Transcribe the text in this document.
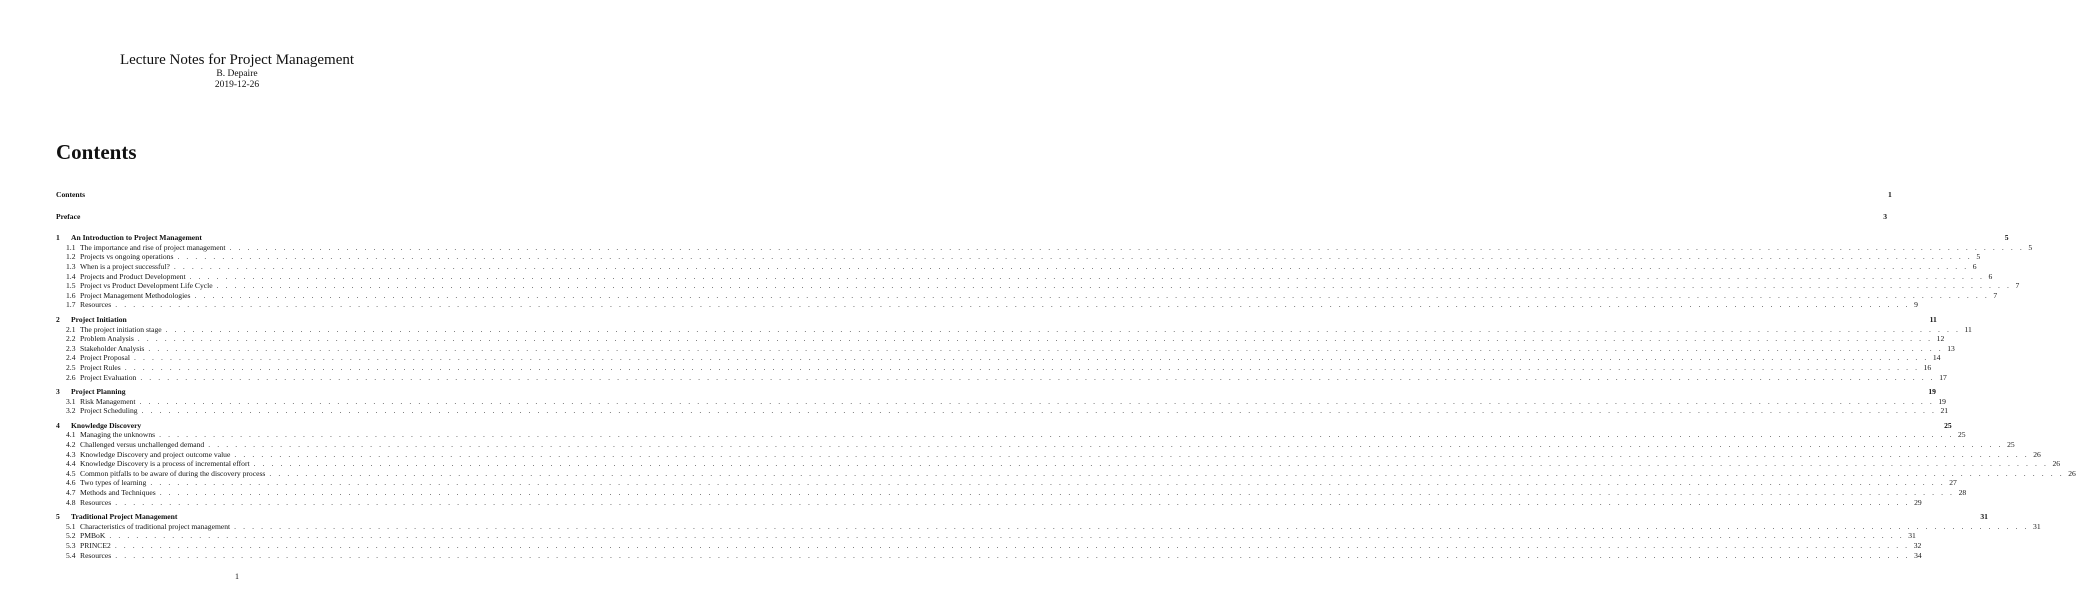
Lecture Notes for Project Management
B. Depaire
2019-12-26
Contents
Contents	1
Preface	3
1	An Introduction to Project Management	5
1.1 The importance and rise of project management . . . . . . . . . . . . . . . . . . . . . . . . . . . . . . . . . . . . . . . . . . . . . . . . . . . . . . . . . . . . . . . . . . . . . . . . . . . . . . . . . . . . . . . . . . . . . . . . . . . . . . . . . . . . . . . . . . . . . . . . . . . . . . . . . . . . . . . . . . . . . . . . . . . . . . . . . . . . . . . . . . . . . . . . . . . . . . . . . . . . . . . . . . . . . . . . . . . . . . . . 5
1.2 Projects vs ongoing operations . . . . . . . . . . . . . . . . . . . . . . . . . . . . . . . . . . . . . . . . . . . . . . . . . . . . . . . . . . . . . . . . . . . . . . . . . . . . . . . . . . . . . . . . . . . . . . . . . . . . . . . . . . . . . . . . . . . . . . . . . . . . . . . . . . . . . . . . . . . . . . . . . . . . . . . . . . . . . . . . . . . . . . . . . . . . . . . . . . . . . . . . . . . . . . . . . . . . . . . . 5
1.3 When is a project successful? . . . . . . . . . . . . . . . . . . . . . . . . . . . . . . . . . . . . . . . . . . . . . . . . . . . . . . . . . . . . . . . . . . . . . . . . . . . . . . . . . . . . . . . . . . . . . . . . . . . . . . . . . . . . . . . . . . . . . . . . . . . . . . . . . . . . . . . . . . . . . . . . . . . . . . . . . . . . . . . . . . . . . . . . . . . . . . . . . . . . . . . . . . . . . . . . . . . . . . . . 6
1.4 Projects and Product Development . . . . . . . . . . . . . . . . . . . . . . . . . . . . . . . . . . . . . . . . . . . . . . . . . . . . . . . . . . . . . . . . . . . . . . . . . . . . . . . . . . . . . . . . . . . . . . . . . . . . . . . . . . . . . . . . . . . . . . . . . . . . . . . . . . . . . . . . . . . . . . . . . . . . . . . . . . . . . . . . . . . . . . . . . . . . . . . . . . . . . . . . . . . . . . . . . . . . . . . . 6
1.5 Project vs Product Development Life Cycle . . . . . . . . . . . . . . . . . . . . . . . . . . . . . . . . . . . . . . . . . . . . . . . . . . . . . . . . . . . . . . . . . . . . . . . . . . . . . . . . . . . . . . . . . . . . . . . . . . . . . . . . . . . . . . . . . . . . . . . . . . . . . . . . . . . . . . . . . . . . . . . . . . . . . . . . . . . . . . . . . . . . . . . . . . . . . . . . . . . . . . . . . . . . . . . . . . . . . . . . 7
1.6 Project Management Methodologies . . . . . . . . . . . . . . . . . . . . . . . . . . . . . . . . . . . . . . . . . . . . . . . . . . . . . . . . . . . . . . . . . . . . . . . . . . . . . . . . . . . . . . . . . . . . . . . . . . . . . . . . . . . . . . . . . . . . . . . . . . . . . . . . . . . . . . . . . . . . . . . . . . . . . . . . . . . . . . . . . . . . . . . . . . . . . . . . . . . . . . . . . . . . . . . . . . . . . . . . 7
1.7 Resources . . . . . . . . . . . . . . . . . . . . . . . . . . . . . . . . . . . . . . . . . . . . . . . . . . . . . . . . . . . . . . . . . . . . . . . . . . . . . . . . . . . . . . . . . . . . . . . . . . . . . . . . . . . . . . . . . . . . . . . . . . . . . . . . . . . . . . . . . . . . . . . . . . . . . . . . . . . . . . . . . . . . . . . . . . . . . . . . . . . . . . . . . . . . . . . . . . . . . . . . 9
2	Project Initiation	11
2.1 The project initiation stage . . . . . . . . . . . . . . . . . . . . . . . . . . . . . . . . . . . . . . . . . . . . . . . . . . . . . . . . . . . . . . . . . . . . . . . . . . . . . . . . . . . . . . . . . . . . . . . . . . . . . . . . . . . . . . . . . . . . . . . . . . . . . . . . . . . . . . . . . . . . . . . . . . . . . . . . . . . . . . . . . . . . . . . . . . . . . . . . . . . . . . . . . . . . . . . . . . . . . . . . 11
2.2 Problem Analysis . . . . . . . . . . . . . . . . . . . . . . . . . . . . . . . . . . . . . . . . . . . . . . . . . . . . . . . . . . . . . . . . . . . . . . . . . . . . . . . . . . . . . . . . . . . . . . . . . . . . . . . . . . . . . . . . . . . . . . . . . . . . . . . . . . . . . . . . . . . . . . . . . . . . . . . . . . . . . . . . . . . . . . . . . . . . . . . . . . . . . . . . . . . . . . . . . . . . . . . . 12
2.3 Stakeholder Analysis . . . . . . . . . . . . . . . . . . . . . . . . . . . . . . . . . . . . . . . . . . . . . . . . . . . . . . . . . . . . . . . . . . . . . . . . . . . . . . . . . . . . . . . . . . . . . . . . . . . . . . . . . . . . . . . . . . . . . . . . . . . . . . . . . . . . . . . . . . . . . . . . . . . . . . . . . . . . . . . . . . . . . . . . . . . . . . . . . . . . . . . . . . . . . . . . . . . . . . . . 13
2.4 Project Proposal . . . . . . . . . . . . . . . . . . . . . . . . . . . . . . . . . . . . . . . . . . . . . . . . . . . . . . . . . . . . . . . . . . . . . . . . . . . . . . . . . . . . . . . . . . . . . . . . . . . . . . . . . . . . . . . . . . . . . . . . . . . . . . . . . . . . . . . . . . . . . . . . . . . . . . . . . . . . . . . . . . . . . . . . . . . . . . . . . . . . . . . . . . . . . . . . . . . . . . . . 14
2.5 Project Rules . . . . . . . . . . . . . . . . . . . . . . . . . . . . . . . . . . . . . . . . . . . . . . . . . . . . . . . . . . . . . . . . . . . . . . . . . . . . . . . . . . . . . . . . . . . . . . . . . . . . . . . . . . . . . . . . . . . . . . . . . . . . . . . . . . . . . . . . . . . . . . . . . . . . . . . . . . . . . . . . . . . . . . . . . . . . . . . . . . . . . . . . . . . . . . . . . . . . . . . . 16
2.6 Project Evaluation . . . . . . . . . . . . . . . . . . . . . . . . . . . . . . . . . . . . . . . . . . . . . . . . . . . . . . . . . . . . . . . . . . . . . . . . . . . . . . . . . . . . . . . . . . . . . . . . . . . . . . . . . . . . . . . . . . . . . . . . . . . . . . . . . . . . . . . . . . . . . . . . . . . . . . . . . . . . . . . . . . . . . . . . . . . . . . . . . . . . . . . . . . . . . . . . . . . . . . . . 17
3	Project Planning	19
3.1 Risk Management . . . . . . . . . . . . . . . . . . . . . . . . . . . . . . . . . . . . . . . . . . . . . . . . . . . . . . . . . . . . . . . . . . . . . . . . . . . . . . . . . . . . . . . . . . . . . . . . . . . . . . . . . . . . . . . . . . . . . . . . . . . . . . . . . . . . . . . . . . . . . . . . . . . . . . . . . . . . . . . . . . . . . . . . . . . . . . . . . . . . . . . . . . . . . . . . . . . . . . . . 19
3.2 Project Scheduling . . . . . . . . . . . . . . . . . . . . . . . . . . . . . . . . . . . . . . . . . . . . . . . . . . . . . . . . . . . . . . . . . . . . . . . . . . . . . . . . . . . . . . . . . . . . . . . . . . . . . . . . . . . . . . . . . . . . . . . . . . . . . . . . . . . . . . . . . . . . . . . . . . . . . . . . . . . . . . . . . . . . . . . . . . . . . . . . . . . . . . . . . . . . . . . . . . . . . . . . 21
4	Knowledge Discovery	25
4.1 Managing the unknowns . . . . . . . . . . . . . . . . . . . . . . . . . . . . . . . . . . . . . . . . . . . . . . . . . . . . . . . . . . . . . . . . . . . . . . . . . . . . . . . . . . . . . . . . . . . . . . . . . . . . . . . . . . . . . . . . . . . . . . . . . . . . . . . . . . . . . . . . . . . . . . . . . . . . . . . . . . . . . . . . . . . . . . . . . . . . . . . . . . . . . . . . . . . . . . . . . . . . . . . . 25
4.2 Challenged versus unchallenged demand . . . . . . . . . . . . . . . . . . . . . . . . . . . . . . . . . . . . . . . . . . . . . . . . . . . . . . . . . . . . . . . . . . . . . . . . . . . . . . . . . . . . . . . . . . . . . . . . . . . . . . . . . . . . . . . . . . . . . . . . . . . . . . . . . . . . . . . . . . . . . . . . . . . . . . . . . . . . . . . . . . . . . . . . . . . . . . . . . . . . . . . . . . . . . . . . . . . . . . . . 25
4.3 Knowledge Discovery and project outcome value . . . . . . . . . . . . . . . . . . . . . . . . . . . . . . . . . . . . . . . . . . . . . . . . . . . . . . . . . . . . . . . . . . . . . . . . . . . . . . . . . . . . . . . . . . . . . . . . . . . . . . . . . . . . . . . . . . . . . . . . . . . . . . . . . . . . . . . . . . . . . . . . . . . . . . . . . . . . . . . . . . . . . . . . . . . . . . . . . . . . . . . . . . . . . . . . . . . . . . . . 26
4.4 Knowledge Discovery is a process of incremental effort . . . . . . . . . . . . . . . . . . . . . . . . . . . . . . . . . . . . . . . . . . . . . . . . . . . . . . . . . . . . . . . . . . . . . . . . . . . . . . . . . . . . . . . . . . . . . . . . . . . . . . . . . . . . . . . . . . . . . . . . . . . . . . . . . . . . . . . . . . . . . . . . . . . . . . . . . . . . . . . . . . . . . . . . . . . . . . . . . . . . . . . . . . . . . . . . . . . . . . . . 26
4.5 Common pitfalls to be aware of during the discovery process . . . . . . . . . . . . . . . . . . . . . . . . . . . . . . . . . . . . . . . . . . . . . . . . . . . . . . . . . . . . . . . . . . . . . . . . . . . . . . . . . . . . . . . . . . . . . . . . . . . . . . . . . . . . . . . . . . . . . . . . . . . . . . . . . . . . . . . . . . . . . . . . . . . . . . . . . . . . . . . . . . . . . . . . . . . . . . . . . . . . . . . . . . . . . . . . . . . . . . . . 26
4.6 Two types of learning . . . . . . . . . . . . . . . . . . . . . . . . . . . . . . . . . . . . . . . . . . . . . . . . . . . . . . . . . . . . . . . . . . . . . . . . . . . . . . . . . . . . . . . . . . . . . . . . . . . . . . . . . . . . . . . . . . . . . . . . . . . . . . . . . . . . . . . . . . . . . . . . . . . . . . . . . . . . . . . . . . . . . . . . . . . . . . . . . . . . . . . . . . . . . . . . . . . . . . . . 27
4.7 Methods and Techniques . . . . . . . . . . . . . . . . . . . . . . . . . . . . . . . . . . . . . . . . . . . . . . . . . . . . . . . . . . . . . . . . . . . . . . . . . . . . . . . . . . . . . . . . . . . . . . . . . . . . . . . . . . . . . . . . . . . . . . . . . . . . . . . . . . . . . . . . . . . . . . . . . . . . . . . . . . . . . . . . . . . . . . . . . . . . . . . . . . . . . . . . . . . . . . . . . . . . . . . . 28
4.8 Resources . . . . . . . . . . . . . . . . . . . . . . . . . . . . . . . . . . . . . . . . . . . . . . . . . . . . . . . . . . . . . . . . . . . . . . . . . . . . . . . . . . . . . . . . . . . . . . . . . . . . . . . . . . . . . . . . . . . . . . . . . . . . . . . . . . . . . . . . . . . . . . . . . . . . . . . . . . . . . . . . . . . . . . . . . . . . . . . . . . . . . . . . . . . . . . . . . . . . . . . . 29
5	Traditional Project Management	31
5.1 Characteristics of traditional project management . . . . . . . . . . . . . . . . . . . . . . . . . . . . . . . . . . . . . . . . . . . . . . . . . . . . . . . . . . . . . . . . . . . . . . . . . . . . . . . . . . . . . . . . . . . . . . . . . . . . . . . . . . . . . . . . . . . . . . . . . . . . . . . . . . . . . . . . . . . . . . . . . . . . . . . . . . . . . . . . . . . . . . . . . . . . . . . . . . . . . . . . . . . . . . . . . . . . . . . . 31
5.2 PMBoK . . . . . . . . . . . . . . . . . . . . . . . . . . . . . . . . . . . . . . . . . . . . . . . . . . . . . . . . . . . . . . . . . . . . . . . . . . . . . . . . . . . . . . . . . . . . . . . . . . . . . . . . . . . . . . . . . . . . . . . . . . . . . . . . . . . . . . . . . . . . . . . . . . . . . . . . . . . . . . . . . . . . . . . . . . . . . . . . . . . . . . . . . . . . . . . . . . . . . . . . 31
5.3 PRINCE2 . . . . . . . . . . . . . . . . . . . . . . . . . . . . . . . . . . . . . . . . . . . . . . . . . . . . . . . . . . . . . . . . . . . . . . . . . . . . . . . . . . . . . . . . . . . . . . . . . . . . . . . . . . . . . . . . . . . . . . . . . . . . . . . . . . . . . . . . . . . . . . . . . . . . . . . . . . . . . . . . . . . . . . . . . . . . . . . . . . . . . . . . . . . . . . . . . . . . . . . . 32
5.4 Resources . . . . . . . . . . . . . . . . . . . . . . . . . . . . . . . . . . . . . . . . . . . . . . . . . . . . . . . . . . . . . . . . . . . . . . . . . . . . . . . . . . . . . . . . . . . . . . . . . . . . . . . . . . . . . . . . . . . . . . . . . . . . . . . . . . . . . . . . . . . . . . . . . . . . . . . . . . . . . . . . . . . . . . . . . . . . . . . . . . . . . . . . . . . . . . . . . . . . . . . . 34
1
